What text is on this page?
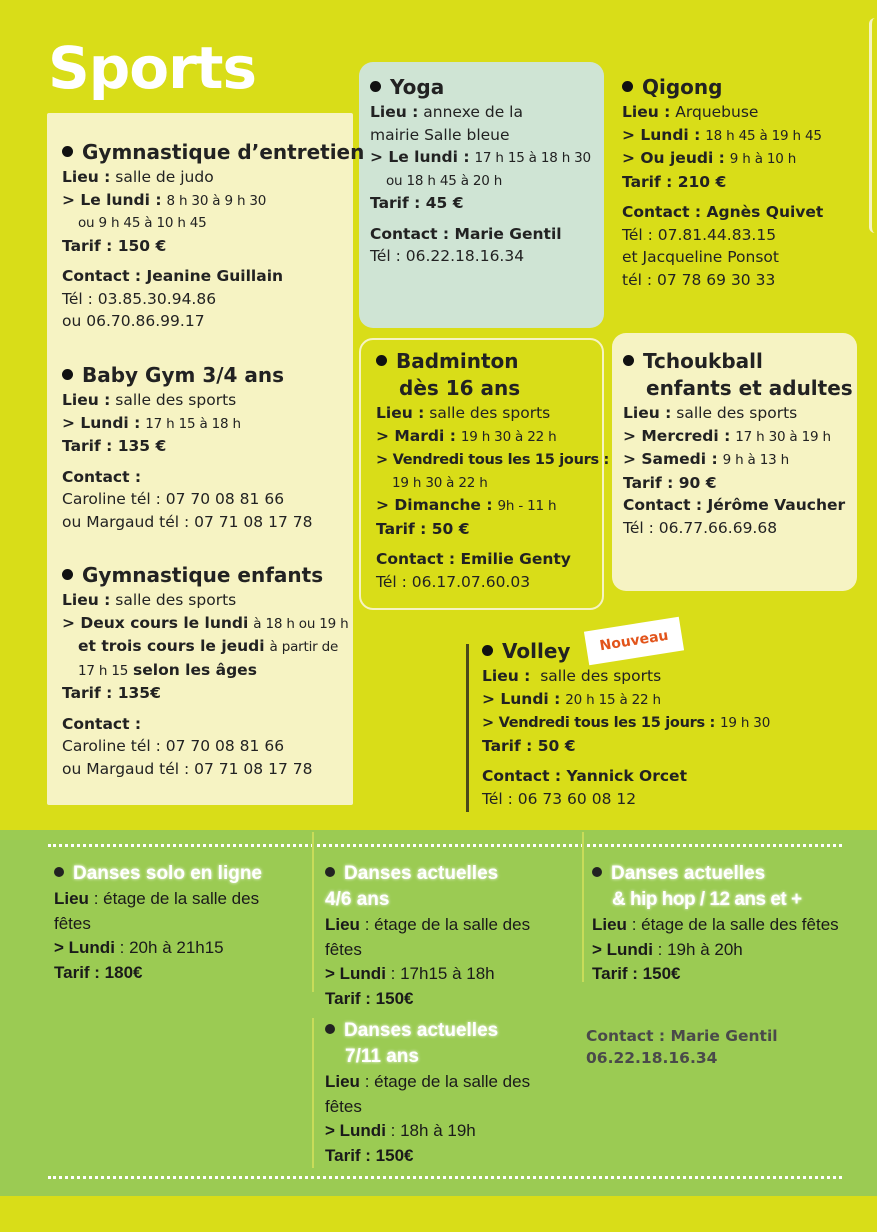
Sports
Gymnastique d’entretien
Lieu : salle de judo
> Le lundi : 8 h 30 à 9 h 30
ou 9 h 45 à 10 h 45
Tarif : 150 €
Contact : Jeanine Guillain
Tél : 03.85.30.94.86
ou 06.70.86.99.17
Baby Gym 3/4 ans
Lieu : salle des sports
> Lundi : 17 h 15 à 18 h
Tarif : 135 €
Contact :
Caroline tél : 07 70 08 81 66
ou Margaud tél : 07 71 08 17 78
Gymnastique enfants
Lieu : salle des sports
> Deux cours le lundi à 18 h ou 19 h
et trois cours le jeudi à partir de
17 h 15 selon les âges
Tarif : 135€
Contact :
Caroline tél : 07 70 08 81 66
ou Margaud tél : 07 71 08 17 78
Yoga
Lieu : annexe de la
mairie Salle bleue
> Le lundi : 17 h 15 à 18 h 30
ou 18 h 45 à 20 h
Tarif : 45 €
Contact : Marie Gentil
Tél : 06.22.18.16.34
Qigong
Lieu : Arquebuse
> Lundi : 18 h 45 à 19 h 45
> Ou jeudi : 9 h à 10 h
Tarif : 210 €
Contact : Agnès Quivet
Tél : 07.81.44.83.15
et Jacqueline Ponsot
tél : 07 78 69 30 33
Badminton
dès 16 ans
Lieu : salle des sports
> Mardi : 19 h 30 à 22 h
> Vendredi tous les 15 jours :
19 h 30 à 22 h
> Dimanche : 9h - 11 h
Tarif : 50 €
Contact : Emilie Genty
Tél : 06.17.07.60.03
Tchoukball
enfants et adultes
Lieu : salle des sports
> Mercredi : 17 h 30 à 19 h
> Samedi : 9 h à 13 h
Tarif : 90 €
Contact : Jérôme Vaucher
Tél : 06.77.66.69.68
Nouveau
Volley
Lieu : salle des sports
> Lundi : 20 h 15 à 22 h
> Vendredi tous les 15 jours : 19 h 30
Tarif : 50 €
Contact : Yannick Orcet
Tél : 06 73 60 08 12
Danses solo en ligne
Lieu : étage de la salle des
fêtes
> Lundi : 20h à 21h15
Tarif : 180€
Danses actuelles
4/6 ans
Lieu : étage de la salle des
fêtes
> Lundi : 17h15 à 18h
Tarif : 150€
Danses actuelles
7/11 ans
Lieu : étage de la salle des
fêtes
> Lundi : 18h à 19h
Tarif : 150€
Danses actuelles
& hip hop / 12 ans et +
Lieu : étage de la salle des fêtes
> Lundi : 19h à 20h
Tarif : 150€
Contact : Marie Gentil
06.22.18.16.34
